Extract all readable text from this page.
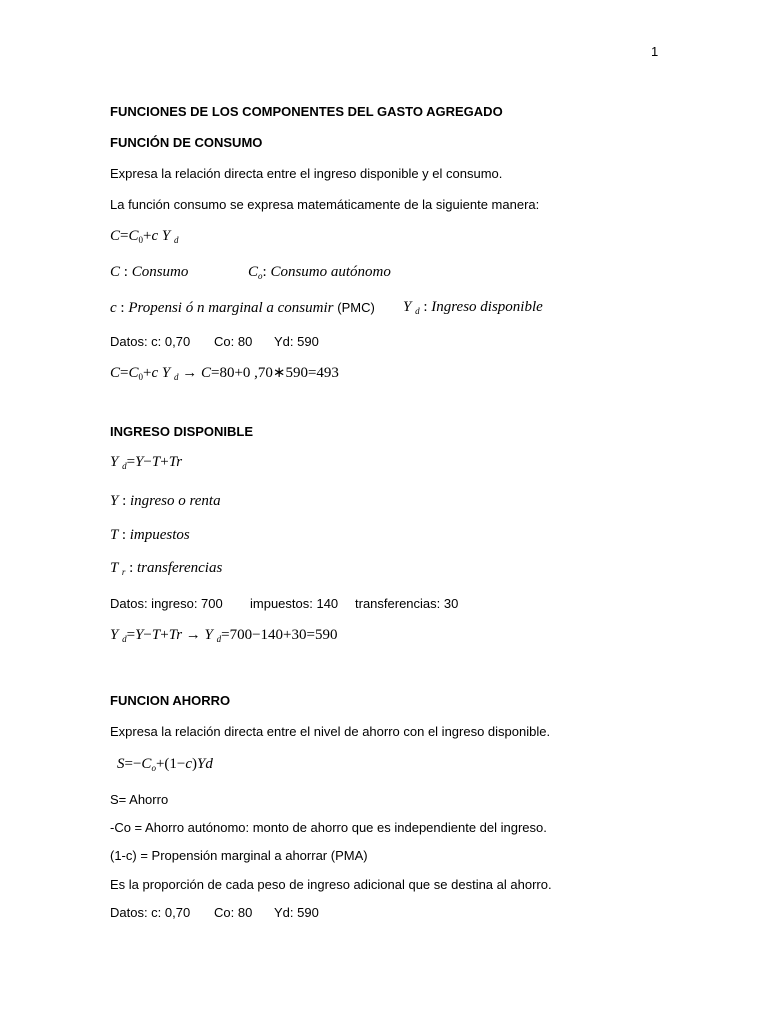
1
FUNCIONES DE LOS COMPONENTES DEL GASTO AGREGADO
FUNCIÓN DE CONSUMO
Expresa la relación directa entre el ingreso disponible y el consumo.
La función consumo se expresa matemáticamente de la siguiente manera:
$C=C_0+c$ Y $_d$
C : Consumo	$C_o$: Consumo autónomo
c : Propensi ó n marginal a consumir (PMC) Y $_d$ : Ingreso disponible
Datos: c: 0,70 Co: 80 Yd: 590
$C=C_0+c$ Y $_d$ → C=80+0 ,70∗590=493
INGRESO DISPONIBLE
Y $_d$=Y−T+Tr
Y : ingreso o renta
T : impuestos
T $_r$ : transferencias
Datos: ingreso: 700 impuestos: 140 transferencias: 30
Y $_d$=Y−T+Tr → Y $_d$=700−140+30=590
FUNCION AHORRO
Expresa la relación directa entre el nivel de ahorro con el ingreso disponible.
$S=-C_o+(1-c)Yd$
S= Ahorro
-Co = Ahorro autónomo: monto de ahorro que es independiente del ingreso.
(1-c) = Propensión marginal a ahorrar (PMA)
Es la proporción de cada peso de ingreso adicional que se destina al ahorro.
Datos: c: 0,70 Co: 80 Yd: 590
